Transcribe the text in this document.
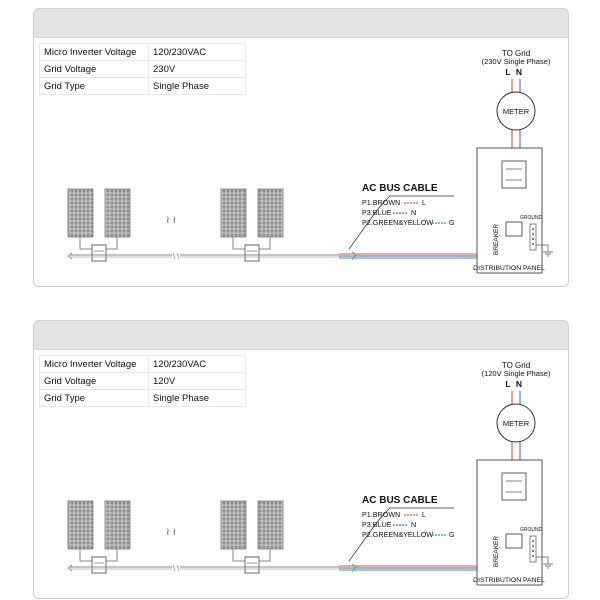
Micro Inverter Voltage	120/230VAC
Grid Voltage	230V
Grid Type	Single Phase
≀ ≀
AC BUS CABLE
P1.BROWN	L
P3.BLUE	N
P2.GREEN&YELLOW G
TO Grid
(230V Single Phase)
L N
METER
BREAKER
GROUND
DISTRIBUTION PANEL
Micro Inverter Voltage	120/230VAC
Grid Voltage	120V
Grid Type	Single Phase
≀ ≀
AC BUS CABLE
P1.BROWN	L
P3.BLUE	N
P2.GREEN&YELLOW G
TO Grid
(120V Single Phase)
L N
METER
BREAKER
GROUND
DISTRIBUTION PANEL
